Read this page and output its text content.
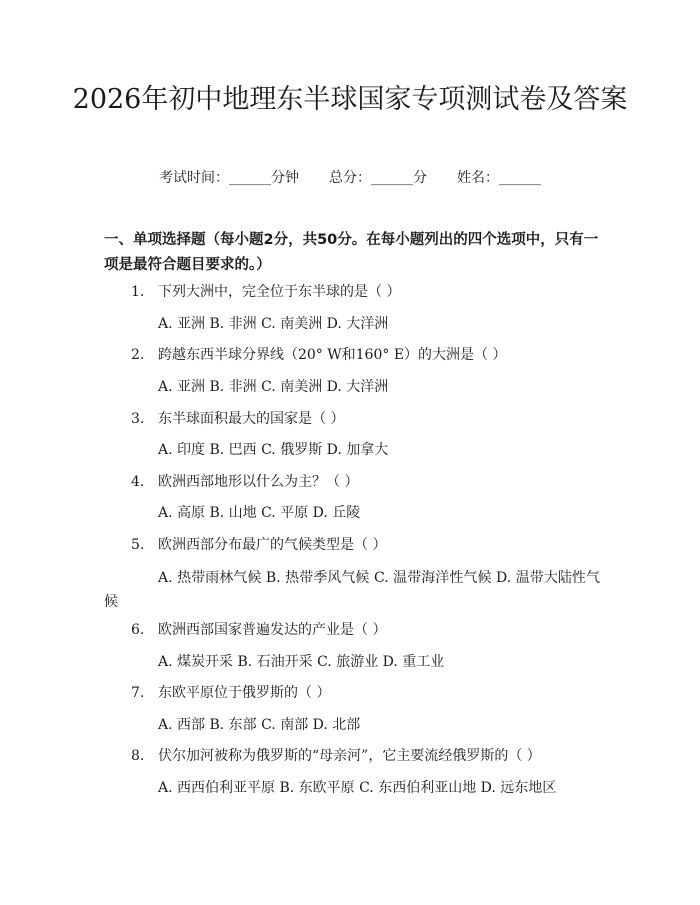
2026年初中地理东半球国家专项测试卷及答案
考试时间：______分钟 总分：______分 姓名：______
一、单项选择题（每小题2分，共50分。在每小题列出的四个选项中，只有一项是最符合题目要求的。）
1. 下列大洲中，完全位于东半球的是（ ）
A. 亚洲 B. 非洲 C. 南美洲 D. 大洋洲
2. 跨越东西半球分界线（20° W和160° E）的大洲是（ ）
A. 亚洲 B. 非洲 C. 南美洲 D. 大洋洲
3. 东半球面积最大的国家是（ ）
A. 印度 B. 巴西 C. 俄罗斯 D. 加拿大
4. 欧洲西部地形以什么为主？（ ）
A. 高原 B. 山地 C. 平原 D. 丘陵
5. 欧洲西部分布最广的气候类型是（ ）
A. 热带雨林气候 B. 热带季风气候 C. 温带海洋性气候 D. 温带大陆性气候
6. 欧洲西部国家普遍发达的产业是（ ）
A. 煤炭开采 B. 石油开采 C. 旅游业 D. 重工业
7. 东欧平原位于俄罗斯的（ ）
A. 西部 B. 东部 C. 南部 D. 北部
8. 伏尔加河被称为俄罗斯的“母亲河”，它主要流经俄罗斯的（ ）
A. 西西伯利亚平原 B. 东欧平原 C. 东西伯利亚山地 D. 远东地区
